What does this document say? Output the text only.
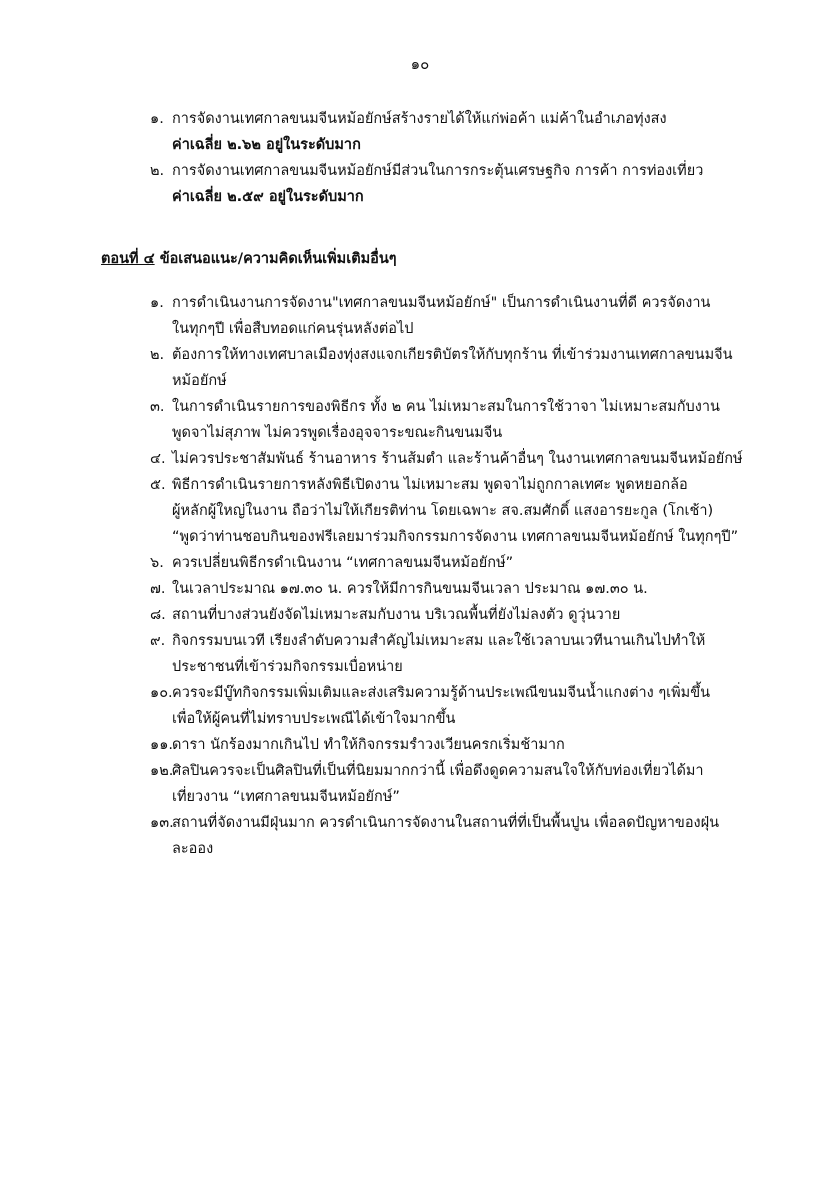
๑๐
๑. การจัดงานเทศกาลขนมจีนหม้อยักษ์สร้างรายได้ให้แก่พ่อค้า แม่ค้าในอำเภอทุ่งสง
ค่าเฉลี่ย ๒.๖๒ อยู่ในระดับมาก
๒. การจัดงานเทศกาลขนมจีนหม้อยักษ์มีส่วนในการกระตุ้นเศรษฐกิจ การค้า การท่องเที่ยว
ค่าเฉลี่ย ๒.๕๙ อยู่ในระดับมาก
ตอนที่ ๔ ข้อเสนอแนะ/ความคิดเห็นเพิ่มเติมอื่นๆ
๑. การดำเนินงานการจัดงาน"เทศกาลขนมจีนหม้อยักษ์" เป็นการดำเนินงานที่ดี ควรจัดงาน
ในทุกๆปี เพื่อสืบทอดแก่คนรุ่นหลังต่อไป
๒. ต้องการให้ทางเทศบาลเมืองทุ่งสงแจกเกียรติบัตรให้กับทุกร้าน ที่เข้าร่วมงานเทศกาลขนมจีน
หม้อยักษ์
๓. ในการดำเนินรายการของพิธีกร ทั้ง ๒ คน ไม่เหมาะสมในการใช้วาจา ไม่เหมาะสมกับงาน
พูดจาไม่สุภาพ ไม่ควรพูดเรื่องอุจจาระขณะกินขนมจีน
๔. ไม่ควรประชาสัมพันธ์ ร้านอาหาร ร้านส้มตำ และร้านค้าอื่นๆ ในงานเทศกาลขนมจีนหม้อยักษ์
๕. พิธีการดำเนินรายการหลังพิธีเปิดงาน ไม่เหมาะสม พูดจาไม่ถูกกาลเทศะ พูดหยอกล้อ
ผู้หลักผู้ใหญ่ในงาน ถือว่าไม่ให้เกียรติท่าน โดยเฉพาะ สจ.สมศักดิ์ แสงอารยะกูล (โกเช้า)
“พูดว่าท่านชอบกินของฟรีเลยมาร่วมกิจกรรมการจัดงาน เทศกาลขนมจีนหม้อยักษ์ ในทุกๆปี”
๖. ควรเปลี่ยนพิธีกรดำเนินงาน “เทศกาลขนมจีนหม้อยักษ์”
๗. ในเวลาประมาณ ๑๗.๓๐ น. ควรให้มีการกินขนมจีนเวลา ประมาณ ๑๗.๓๐ น.
๘. สถานที่บางส่วนยังจัดไม่เหมาะสมกับงาน บริเวณพื้นที่ยังไม่ลงตัว ดูวุ่นวาย
๙. กิจกรรมบนเวที เรียงลำดับความสำคัญไม่เหมาะสม และใช้เวลาบนเวทีนานเกินไปทำให้
ประชาชนที่เข้าร่วมกิจกรรมเบื่อหน่าย
๑๐. ควรจะมีบู๊ทกิจกรรมเพิ่มเติมและส่งเสริมความรู้ด้านประเพณีขนมจีนน้ำแกงต่าง ๆเพิ่มขึ้น
เพื่อให้ผู้คนที่ไม่ทราบประเพณีได้เข้าใจมากขึ้น
๑๑.
ดารา นักร้องมากเกินไป ทำให้กิจกรรมรำวงเวียนครกเริ่มช้ามาก
๑๒.
ศิลปินควรจะเป็นศิลปินที่เป็นที่นิยมมากกว่านี้ เพื่อดึงดูดความสนใจให้กับท่องเที่ยวได้มา
เที่ยวงาน “เทศกาลขนมจีนหม้อยักษ์”
๑๓.
สถานที่จัดงานมีฝุ่นมาก ควรดำเนินการจัดงานในสถานที่ที่เป็นพื้นปูน เพื่อลดปัญหาของฝุ่น
ละออง
